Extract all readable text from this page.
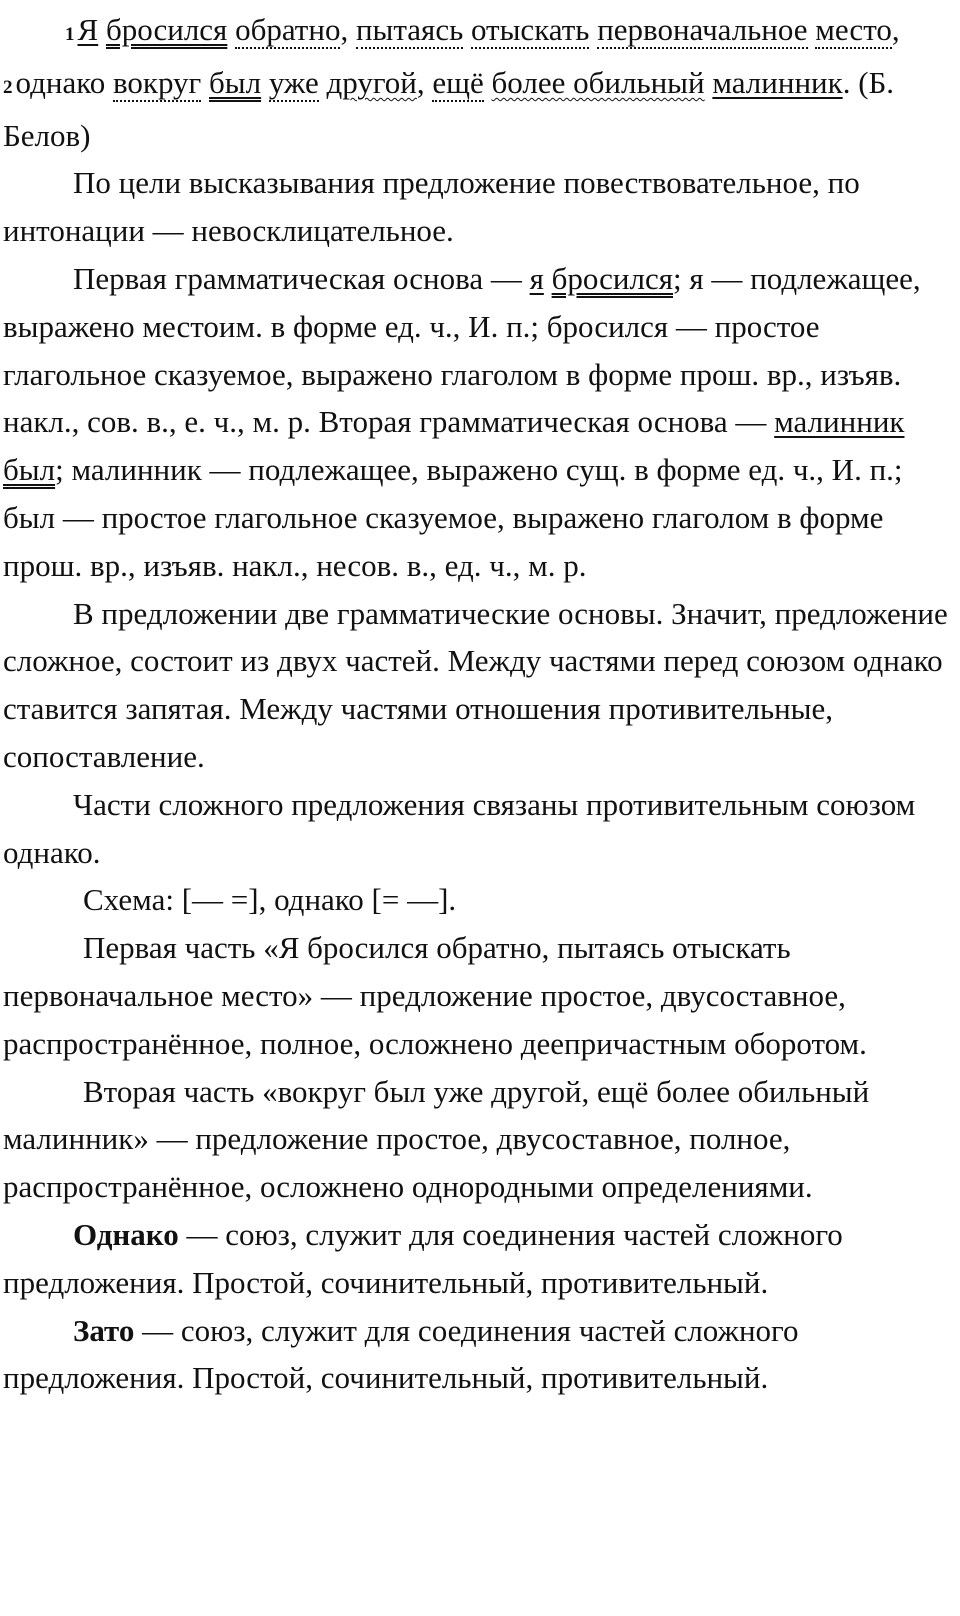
1Я бросился обратно, пытаясь отыскать первоначальное место, 2однако вокруг был уже другой, ещё более обильный малинник. (Б. Белов)

По цели высказывания предложение повествовательное, по интонации — невосклицательное.

Первая грамматическая основа — я бросился; я — подлежащее, выражено местоим. в форме ед. ч., И. п.; бросился — простое глагольное сказуемое, выражено глаголом в форме прош. вр., изъяв. накл., сов. в., е. ч., м. р. Вторая грамматическая основа — малинник был; малинник — подлежащее, выражено сущ. в форме ед. ч., И. п.; был — простое глагольное сказуемое, выражено глаголом в форме прош. вр., изъяв. накл., несов. в., ед. ч., м. р.

В предложении две грамматические основы. Значит, предложение сложное, состоит из двух частей. Между частями перед союзом однако ставится запятая. Между частями отношения противительные, сопоставление.

Части сложного предложения связаны противительным союзом однако.

Схема: [— =], однако [= —].

Первая часть «Я бросился обратно, пытаясь отыскать первоначальное место» — предложение простое, двусоставное, распространённое, полное, осложнено деепричастным оборотом.

Вторая часть «вокруг был уже другой, ещё более обильный малинник» — предложение простое, двусоставное, полное, распространённое, осложнено однородными определениями.

Однако — союз, служит для соединения частей сложного предложения. Простой, сочинительный, противительный.

Зато — союз, служит для соединения частей сложного предложения. Простой, сочинительный, противительный.
